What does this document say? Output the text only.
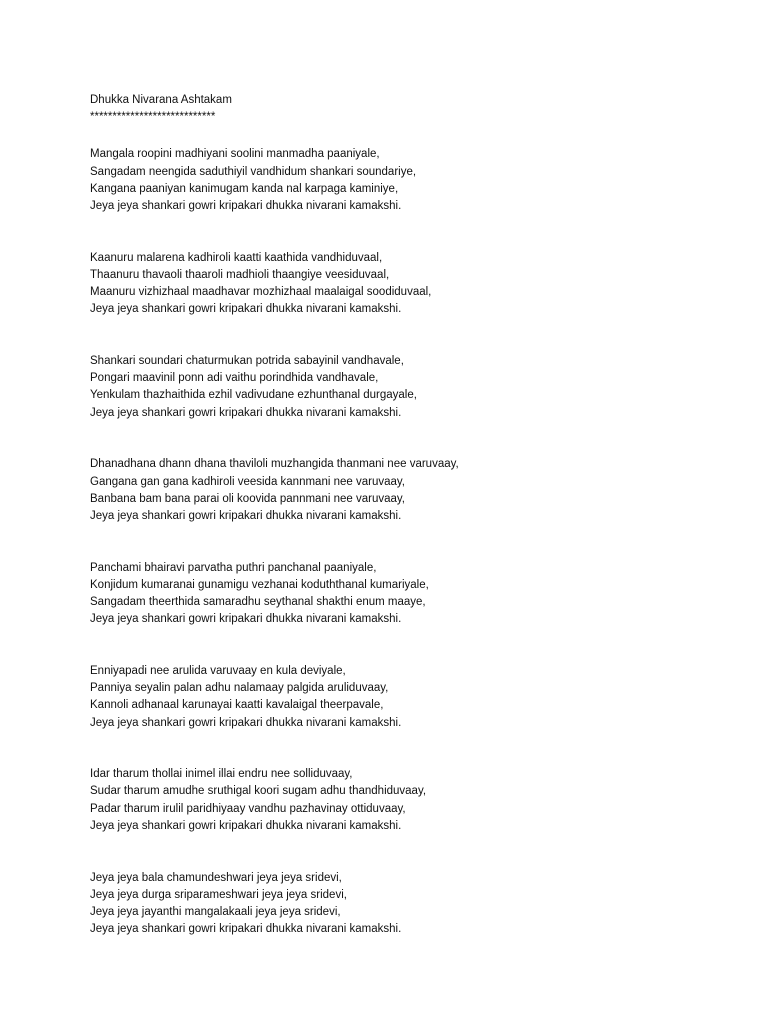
Dhukka Nivarana Ashtakam
****************************
Mangala roopini madhiyani soolini manmadha paaniyale,
Sangadam neengida saduthiyil vandhidum shankari soundariye,
Kangana paaniyan kanimugam kanda nal karpaga kaminiye,
Jeya jeya shankari gowri kripakari dhukka nivarani kamakshi.
Kaanuru malarena kadhiroli kaatti kaathida vandhiduvaal,
Thaanuru thavaoli thaaroli madhioli thaangiye veesiduvaal,
Maanuru vizhizhaal maadhavar mozhizhaal maalaigal soodiduvaal,
Jeya jeya shankari gowri kripakari dhukka nivarani kamakshi.
Shankari soundari chaturmukan potrida sabayinil vandhavale,
Pongari maavinil ponn adi vaithu porindhida vandhavale,
Yenkulam thazhaithida ezhil vadivudane ezhunthanal durgayale,
Jeya jeya shankari gowri kripakari dhukka nivarani kamakshi.
Dhanadhana dhann dhana thaviloli muzhangida thanmani nee varuvaay,
Gangana gan gana kadhiroli veesida kannmani nee varuvaay,
Banbana bam bana parai oli koovida pannmani nee varuvaay,
Jeya jeya shankari gowri kripakari dhukka nivarani kamakshi.
Panchami bhairavi parvatha puthri panchanal paaniyale,
Konjidum kumaranai gunamigu vezhanai koduththanal kumariyale,
Sangadam theerthida samaradhu seythanal shakthi enum maaye,
Jeya jeya shankari gowri kripakari dhukka nivarani kamakshi.
Enniyapadi nee arulida varuvaay en kula deviyale,
Panniya seyalin palan adhu nalamaay palgida aruliduvaay,
Kannoli adhanaal karunayai kaatti kavalaigal theerpavale,
Jeya jeya shankari gowri kripakari dhukka nivarani kamakshi.
Idar tharum thollai inimel illai endru nee solliduvaay,
Sudar tharum amudhe sruthigal koori sugam adhu thandhiduvaay,
Padar tharum irulil paridhiyaay vandhu pazhavinay ottiduvaay,
Jeya jeya shankari gowri kripakari dhukka nivarani kamakshi.
Jeya jeya bala chamundeshwari jeya jeya sridevi,
Jeya jeya durga sriparameshwari jeya jeya sridevi,
Jeya jeya jayanthi mangalakaali jeya jeya sridevi,
Jeya jeya shankari gowri kripakari dhukka nivarani kamakshi.
